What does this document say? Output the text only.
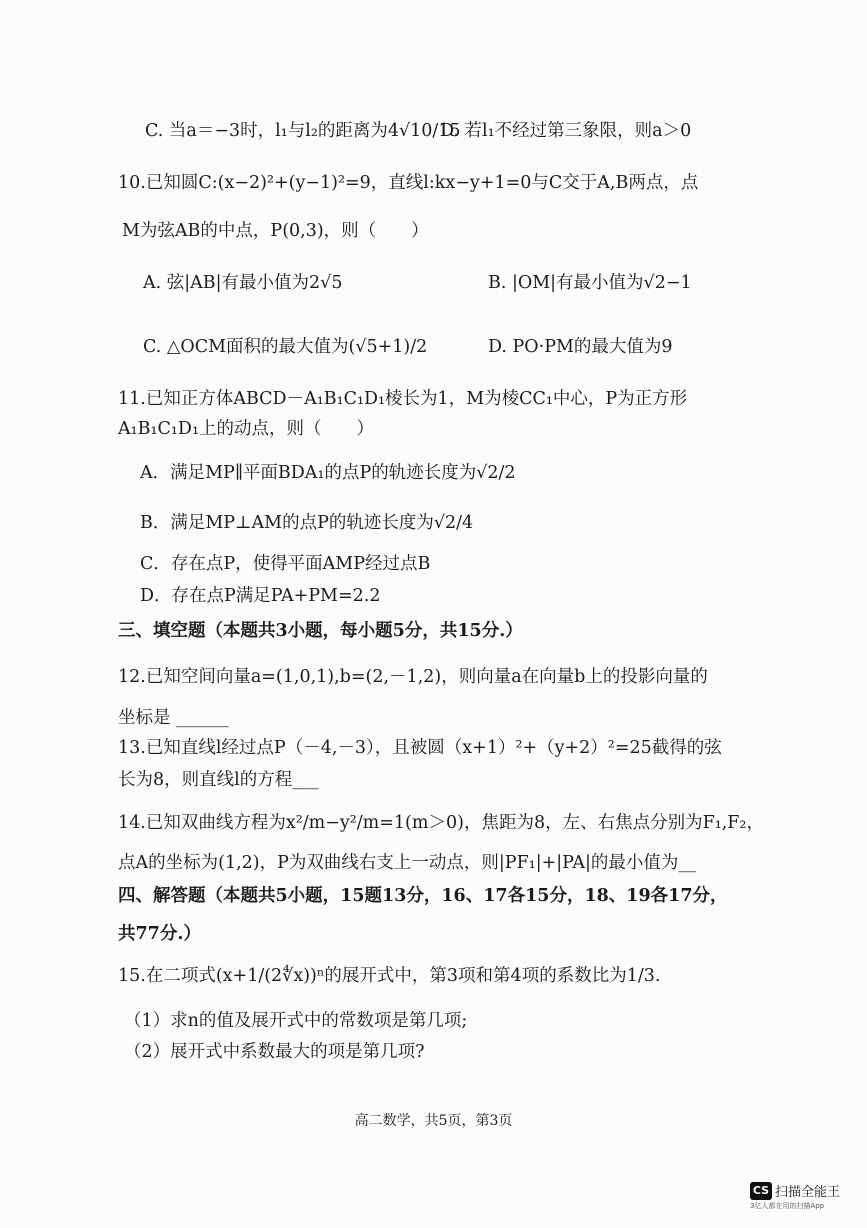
C. 当a＝−3时，l₁与l₂的距离为4√10/15
D. 若l₁不经过第三象限，则a＞0
10.已知圆C:(x−2)²+(y−1)²=9，直线l:kx−y+1=0与C交于A,B两点，点
M为弦AB的中点，P(0,3)，则（　　）
A. 弦|AB|有最小值为2√5	B. |OM|有最小值为√2−1
C. △OCM面积的最大值为(√5+1)/2	D. PO·PM的最大值为9
11.已知正方体ABCD－A₁B₁C₁D₁棱长为1，M为棱CC₁中心，P为正方形
A₁B₁C₁D₁上的动点，则（　　）
A．满足MP∥平面BDA₁的点P的轨迹长度为√2/2
B．满足MP⊥AM的点P的轨迹长度为√2/4
C．存在点P，使得平面AMP经过点B
D．存在点P满足PA+PM=2.2
三、填空题（本题共3小题，每小题5分，共15分.）
12.已知空间向量a=(1,0,1),b=(2,－1,2)，则向量a在向量b上的投影向量的
坐标是 ______
13.已知直线l经过点P（－4,－3），且被圆（x+1）²+（y+2）²=25截得的弦
长为8，则直线l的方程___
14.已知双曲线方程为x²/m−y²/m=1(m＞0)，焦距为8，左、右焦点分别为F₁,F₂，
点A的坐标为(1,2)，P为双曲线右支上一动点，则|PF₁|+|PA|的最小值为__
四、解答题（本题共5小题，15题13分，16、17各15分，18、19各17分，
共77分.）
15.在二项式(x+1/(2∜x))ⁿ的展开式中，第3项和第4项的系数比为1/3.
（1）求n的值及展开式中的常数项是第几项;
（2）展开式中系数最大的项是第几项?
高二数学，共5页，第3页
CS 扫描全能王
3亿人都在用的扫描App
